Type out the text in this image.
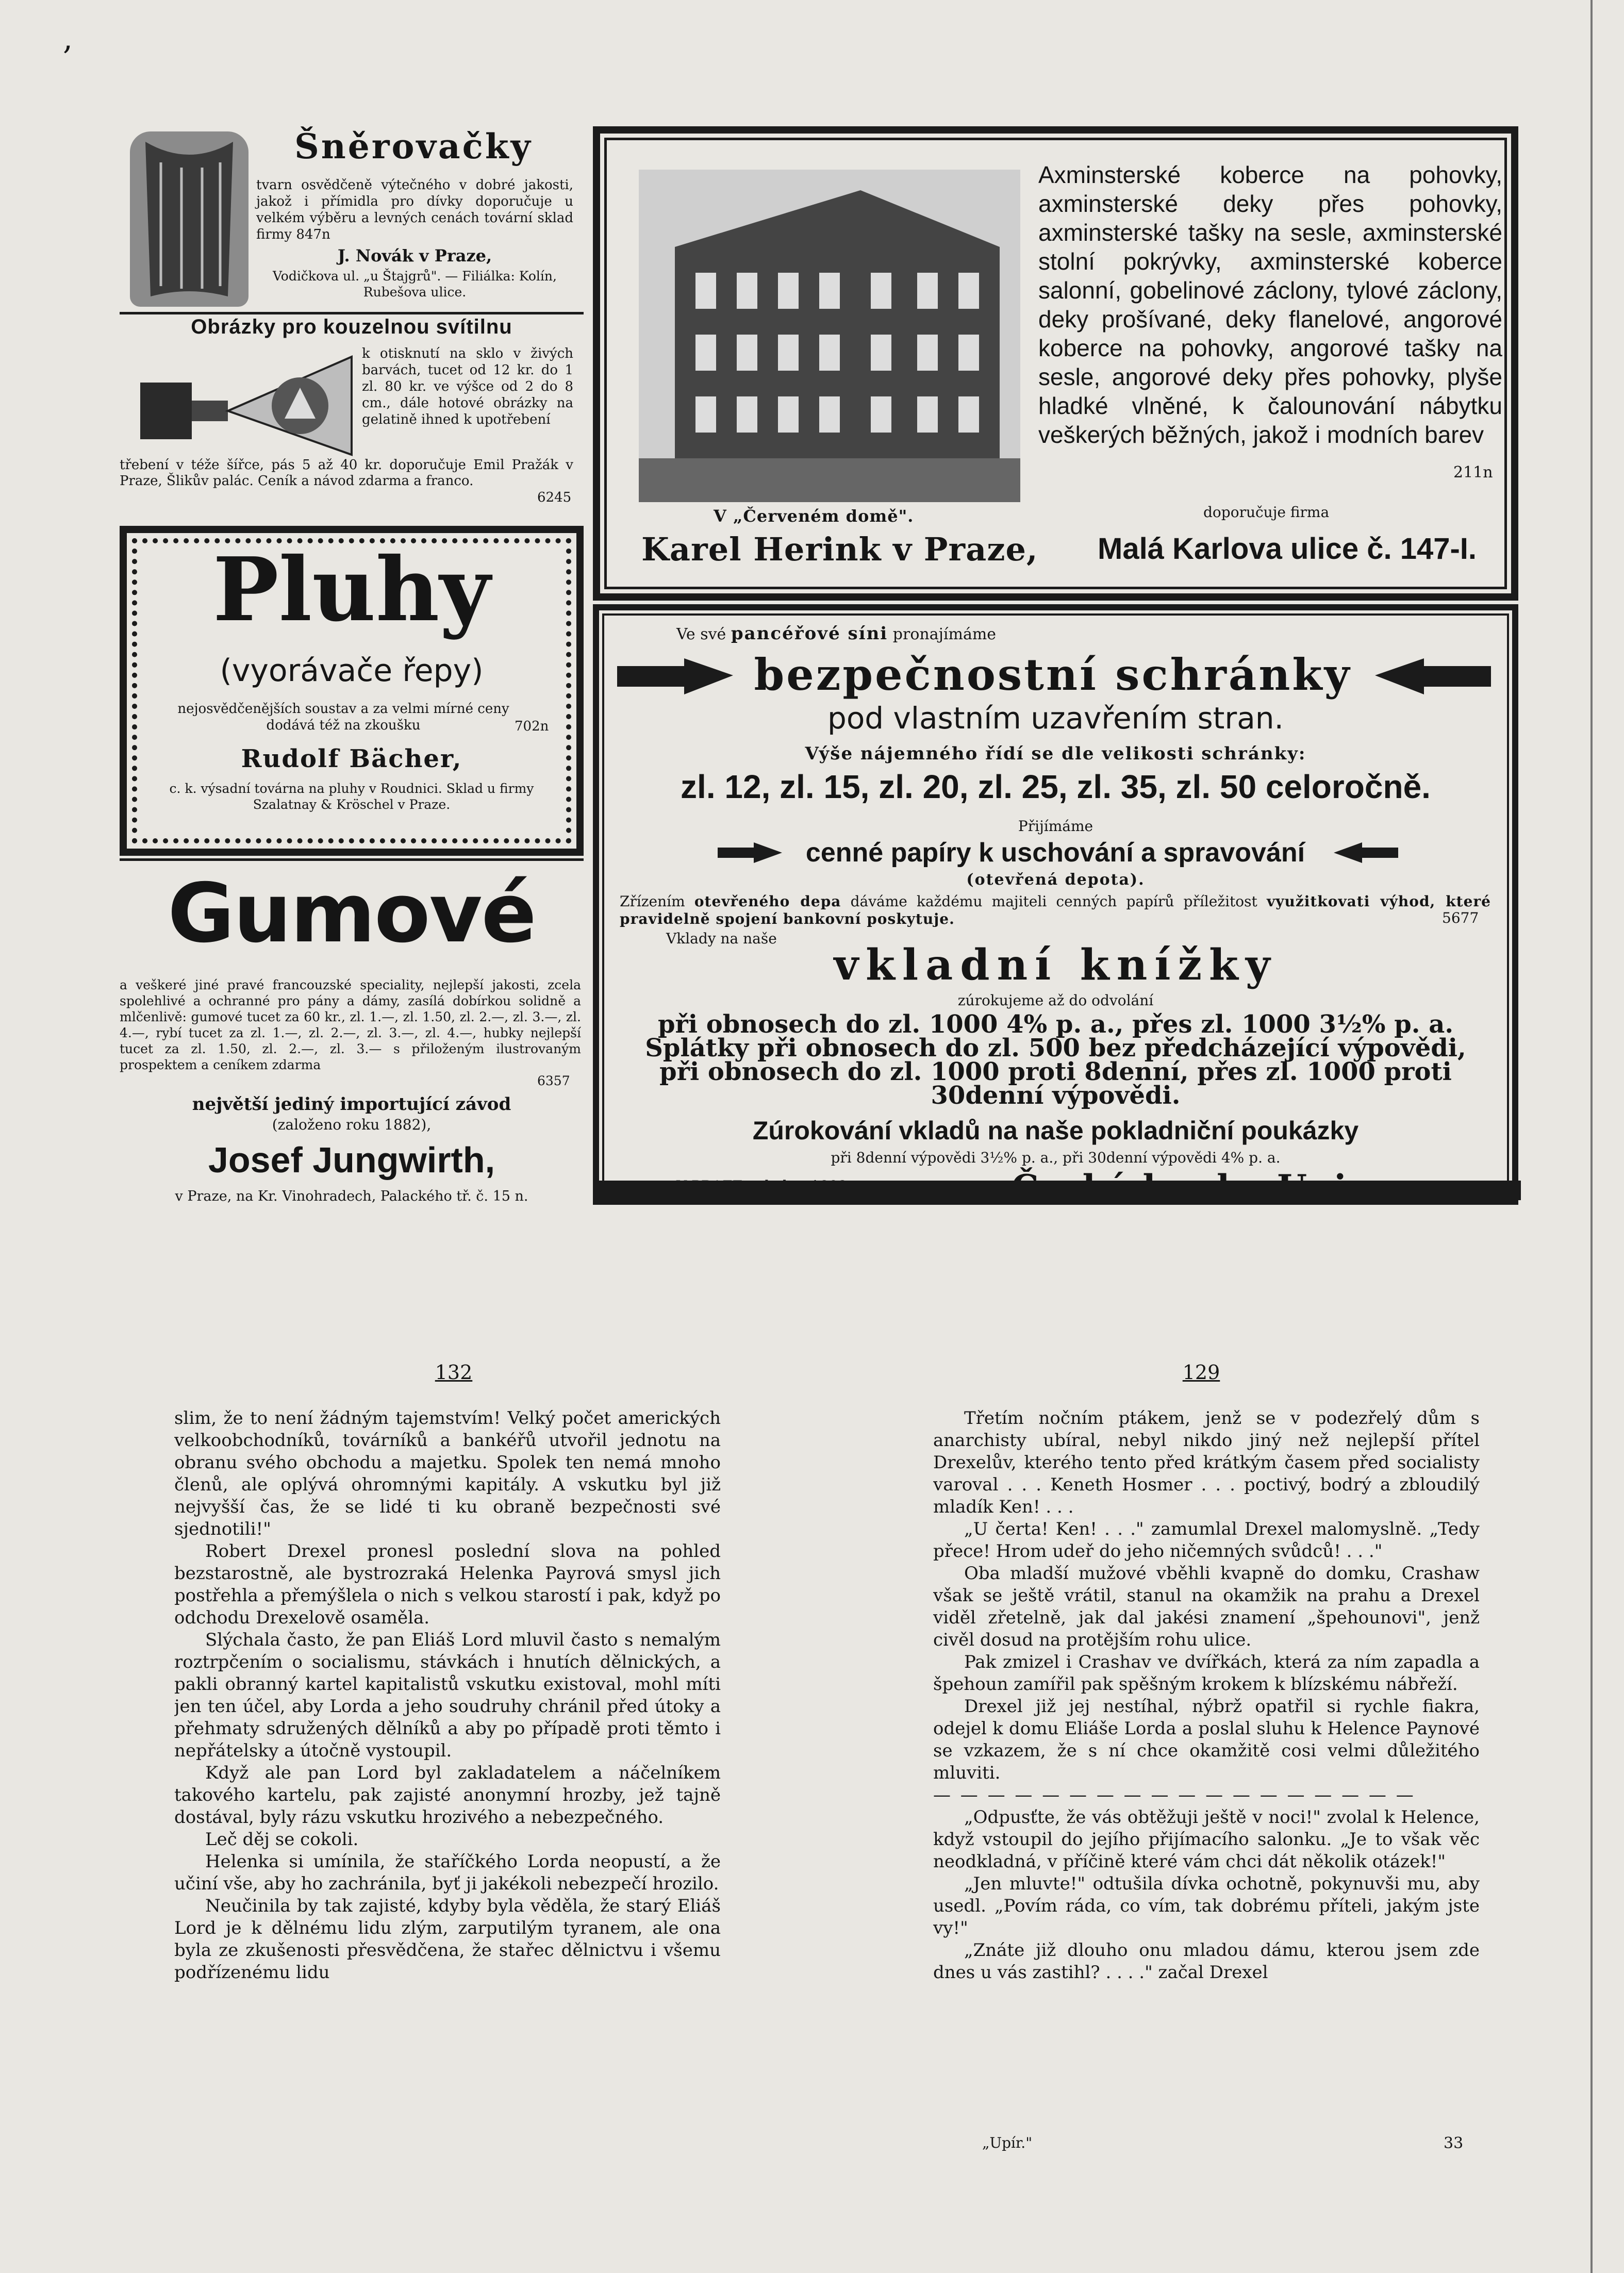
,
Šněrovačky
tvarn osvědčeně výtečného v dobré jakosti, jakož i přímidla pro dívky doporučuje u velkém výběru a levných cenách tovární sklad firmy 847n
J. Novák v Praze,
Vodičkova ul. „u Štajgrů". — Filiálka: Kolín, Rubešova ulice.
Obrázky pro kouzelnou svítilnu
k otisknutí na sklo v živých barvách, tucet od 12 kr. do 1 zl. 80 kr. ve výšce od 2 do 8 cm., dále hotové obrázky na gelatině ihned k upotřebení
třebení v téže šířce, pás 5 až 40 kr. doporučuje Emil Pražák v Praze, Šlikův palác. Ceník a návod zdarma a franco.
6245
Pluhy
(vyorávače řepy)
nejosvědčenějších soustav a za velmi mírné ceny dodává též na zkoušku	702n
Rudolf Bächer,
c. k. výsadní továrna na pluhy v Roudnici. Sklad u firmy Szalatnay & Kröschel v Praze.
Gumové
a veškeré jiné pravé francouzské speciality, nejlepší jakosti, zcela spolehlivé a ochranné pro pány a dámy, zasílá dobírkou solidně a mlčenlivě: gumové tucet za 60 kr., zl. 1.—, zl. 1.50, zl. 2.—, zl. 3.—, zl. 4.—, rybí tucet za zl. 1.—, zl. 2.—, zl. 3.—, zl. 4.—, hubky nejlepší tucet za zl. 1.50, zl. 2.—, zl. 3.— s přiloženým ilustrovaným prospektem a ceníkem zdarma
6357
největší jediný importující závod
(založeno roku 1882),
Josef Jungwirth,
v Praze, na Kr. Vinohradech, Palackého tř. č. 15 n.
Axminsterské koberce na pohovky, axminsterské deky přes pohovky, axminsterské tašky na sesle, axminsterské stolní pokrývky, axminsterské koberce salonní, gobelinové záclony, tylové záclony, deky prošívané, deky flanelové, angorové koberce na pohovky, angorové tašky na sesle, angorové deky přes pohovky, plyše hladké vlněné, k čalounování nábytku veškerých běžných, jakož i modních barev
211n
V „Červeném domě".	doporučuje firma
Karel Herink v Praze, Malá Karlova ulice č. 147-I.
Ve své pancéřové síni pronajímáme
bezpečnostní schránky
pod vlastním uzavřením stran.
Výše nájemného řídí se dle velikosti schránky:
zl. 12, zl. 15, zl. 20, zl. 25, zl. 35, zl. 50 celoročně.
Přijímáme
cenné papíry k uschování a spravování
(otevřená depota).
Zřízením otevřeného depa dáváme každému majiteli cenných papírů příležitost využitkovati výhod, které pravidelně spojení bankovní poskytuje.
Vklady na naše
5677
vkladní knížky
zúrokujeme až do odvolání
při obnosech do zl. 1000 4% p. a., přes zl. 1000 3½% p. a.
Splátky při obnosech do zl. 500 bez předcházející výpovědi,
při obnosech do zl. 1000 proti 8denní, přes zl. 1000 proti
30denní výpovědi.
Zúrokování vkladů na naše pokladniční poukázky
při 8denní výpovědi 3½% p. a., při 30denní výpovědi 4% p. a.
132	129

slim, že to není žádným tajemstvím! Velký počet amerických velkoobchodníků, továrníků a bankéřů utvořil jednotu na obranu svého obchodu a majetku. Spolek ten nemá mnoho členů, ale oplývá ohromnými kapitály. A vskutku byl již nejvyšší čas, že se lidé ti ku obraně bezpečnosti své sjednotili!"

Robert Drexel pronesl poslední slova na pohled bezstarostně, ale bystrozraká Helenka Payrová smysl jich postřehla a přemýšlela o nich s velkou starostí i pak, když po odchodu Drexelově osaměla.

Slýchala často, že pan Eliáš Lord mluvil často s nemalým roztrpčením o socialismu, stávkách i hnutích dělnických, a pakli obranný kartel kapitalistů vskutku existoval, mohl míti jen ten účel, aby Lorda a jeho soudruhy chránil před útoky a přehmaty sdružených dělníků a aby po případě proti těmto i nepřátelsky a útočně vystoupil.

Když ale pan Lord byl zakladatelem a náčelníkem takového kartelu, pak zajisté anonymní hrozby, jež tajně dostával, byly rázu vskutku hrozivého a nebezpečného.

Leč děj se cokoli.

Helenka si umínila, že staříčkého Lorda neopustí, a že učiní vše, aby ho zachránila, byť ji jakékoli nebezpečí hrozilo.

Neučinila by tak zajisté, kdyby byla věděla, že starý Eliáš Lord je k dělnému lidu zlým, zarputilým tyranem, ale ona byla ze zkušenosti přesvědčena, že stařec dělnictvu i všemu podřízenému lidu

Třetím nočním ptákem, jenž se v podezřelý dům s anarchisty ubíral, nebyl nikdo jiný než nejlepší přítel Drexelův, kterého tento před krátkým časem před socialisty varoval . . . Keneth Hosmer . . . poctivý, bodrý a zbloudilý mladík Ken! . . .

„U čerta! Ken! . . ." zamumlal Drexel malomyslně. „Tedy přece! Hrom udeř do jeho ničemných svůdců! . . ."

Oba mladší mužové vběhli kvapně do domku, Crashaw však se ještě vrátil, stanul na okamžik na prahu a Drexel viděl zřetelně, jak dal jakési znamení „špehounovi", jenž civěl dosud na protějším rohu ulice.

Pak zmizel i Crashav ve dvířkách, která za ním zapadla a špehoun zamířil pak spěšným krokem k blízskému nábřeží.

Drexel již jej nestíhal, nýbrž opatřil si rychle fiakra, odejel k domu Eliáše Lorda a poslal sluhu k Helence Paynové se vzkazem, že s ní chce okamžitě cosi velmi důležitého mluviti.

— — — — — — — — — — — — — — — — — —

„Odpusťte, že vás obtěžuji ještě v noci!" zvolal k Helence, když vstoupil do jejího přijímacího salonku. „Je to však věc neodkladná, v příčině které vám chci dát několik otázek!"

„Jen mluvte!" odtušila dívka ochotně, pokynuvši mu, aby usedl. „Povím ráda, co vím, tak dobrému příteli, jakým jste vy!"

„Znáte již dlouho onu mladou dámu, kterou jsem zde dnes u vás zastihl? . . . ." začal Drexel

„Upír."	33
